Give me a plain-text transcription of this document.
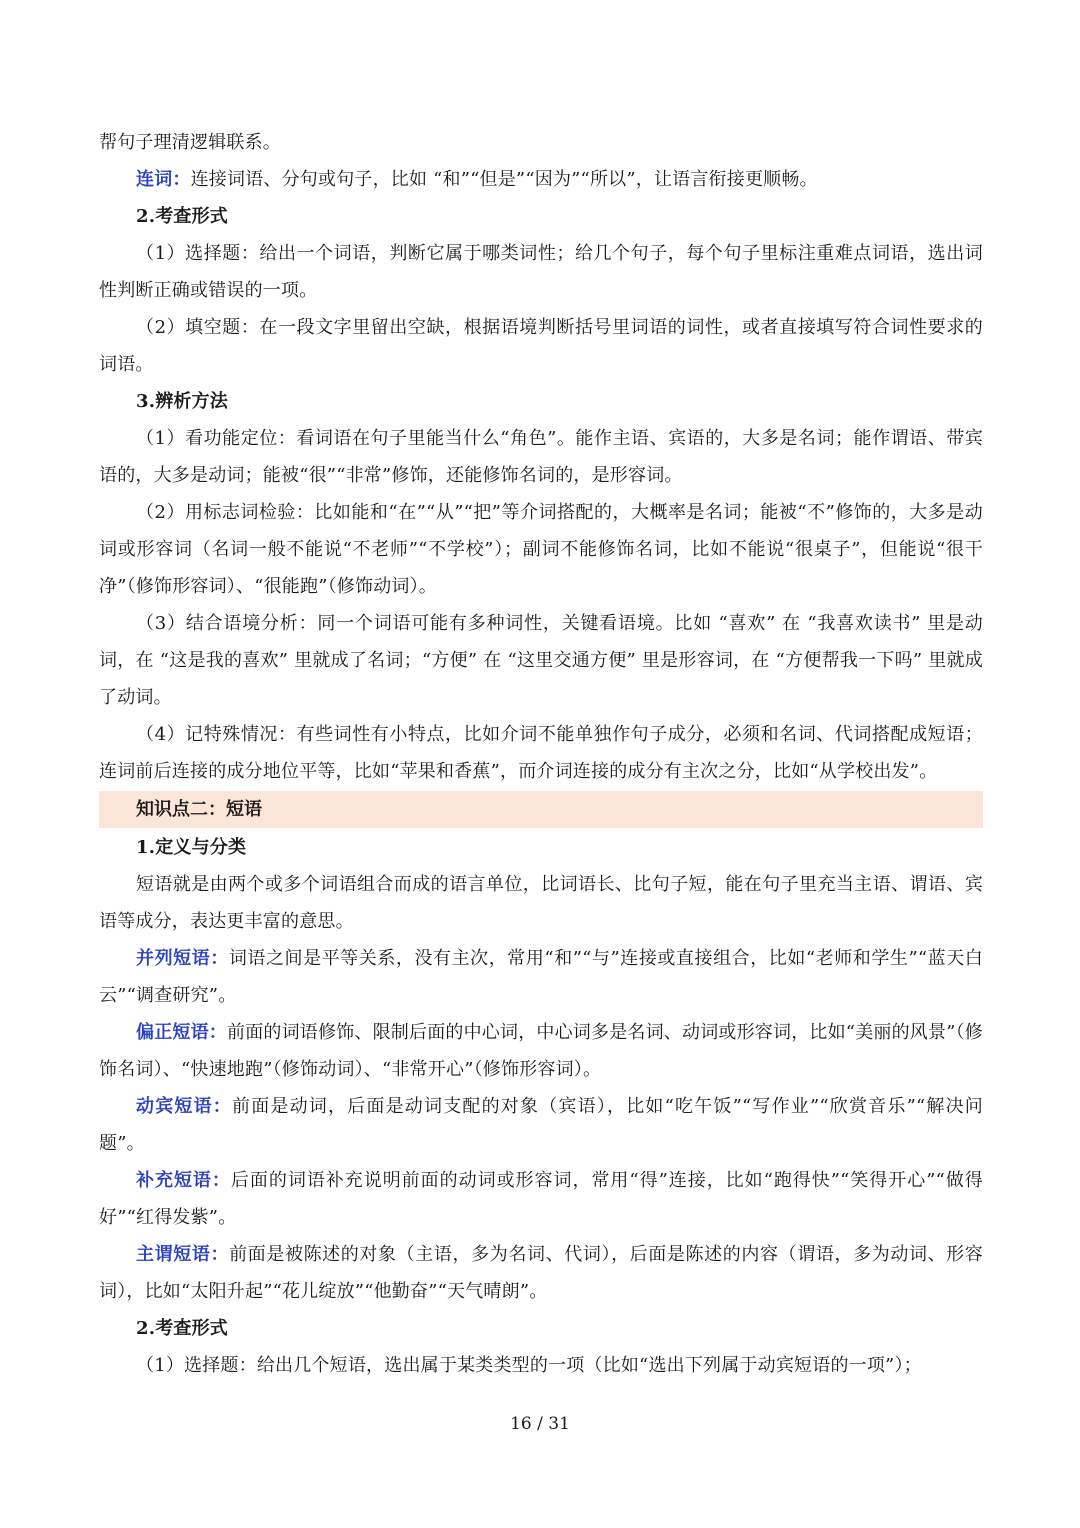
帮句子理清逻辑联系。

连词：连接词语、分句或句子，比如 “和”“但是”“因为”“所以”，让语言衔接更顺畅。

2.考查形式

（1）选择题：给出一个词语，判断它属于哪类词性；给几个句子，每个句子里标注重难点词语，选出词性判断正确或错误的一项。

（2）填空题：在一段文字里留出空缺，根据语境判断括号里词语的词性，或者直接填写符合词性要求的词语。

3.辨析方法

（1）看功能定位：看词语在句子里能当什么“角色”。能作主语、宾语的，大多是名词；能作谓语、带宾语的，大多是动词；能被“很”“非常”修饰，还能修饰名词的，是形容词。

（2）用标志词检验：比如能和“在”“从”“把”等介词搭配的，大概率是名词；能被“不”修饰的，大多是动词或形容词（名词一般不能说“不老师”“不学校”）；副词不能修饰名词，比如不能说“很桌子”，但能说“很干净”（修饰形容词）、“很能跑”（修饰动词）。

（3）结合语境分析：同一个词语可能有多种词性，关键看语境。比如 “喜欢” 在 “我喜欢读书” 里是动词，在 “这是我的喜欢” 里就成了名词；“方便” 在 “这里交通方便” 里是形容词，在 “方便帮我一下吗” 里就成了动词。

（4）记特殊情况：有些词性有小特点，比如介词不能单独作句子成分，必须和名词、代词搭配成短语；连词前后连接的成分地位平等，比如“苹果和香蕉”，而介词连接的成分有主次之分，比如“从学校出发”。

知识点二：短语

1.定义与分类

短语就是由两个或多个词语组合而成的语言单位，比词语长、比句子短，能在句子里充当主语、谓语、宾语等成分，表达更丰富的意思。

并列短语：词语之间是平等关系，没有主次，常用“和”“与”连接或直接组合，比如“老师和学生”“蓝天白云”“调查研究”。

偏正短语：前面的词语修饰、限制后面的中心词，中心词多是名词、动词或形容词，比如“美丽的风景”（修饰名词）、“快速地跑”（修饰动词）、“非常开心”（修饰形容词）。

动宾短语：前面是动词，后面是动词支配的对象（宾语），比如“吃午饭”“写作业”“欣赏音乐”“解决问题”。

补充短语：后面的词语补充说明前面的动词或形容词，常用“得”连接，比如“跑得快”“笑得开心”“做得好”“红得发紫”。

主谓短语：前面是被陈述的对象（主语，多为名词、代词），后面是陈述的内容（谓语，多为动词、形容词），比如“太阳升起”“花儿绽放”“他勤奋”“天气晴朗”。

2.考查形式

（1）选择题：给出几个短语，选出属于某类类型的一项（比如“选出下列属于动宾短语的一项”）；

16 / 31
